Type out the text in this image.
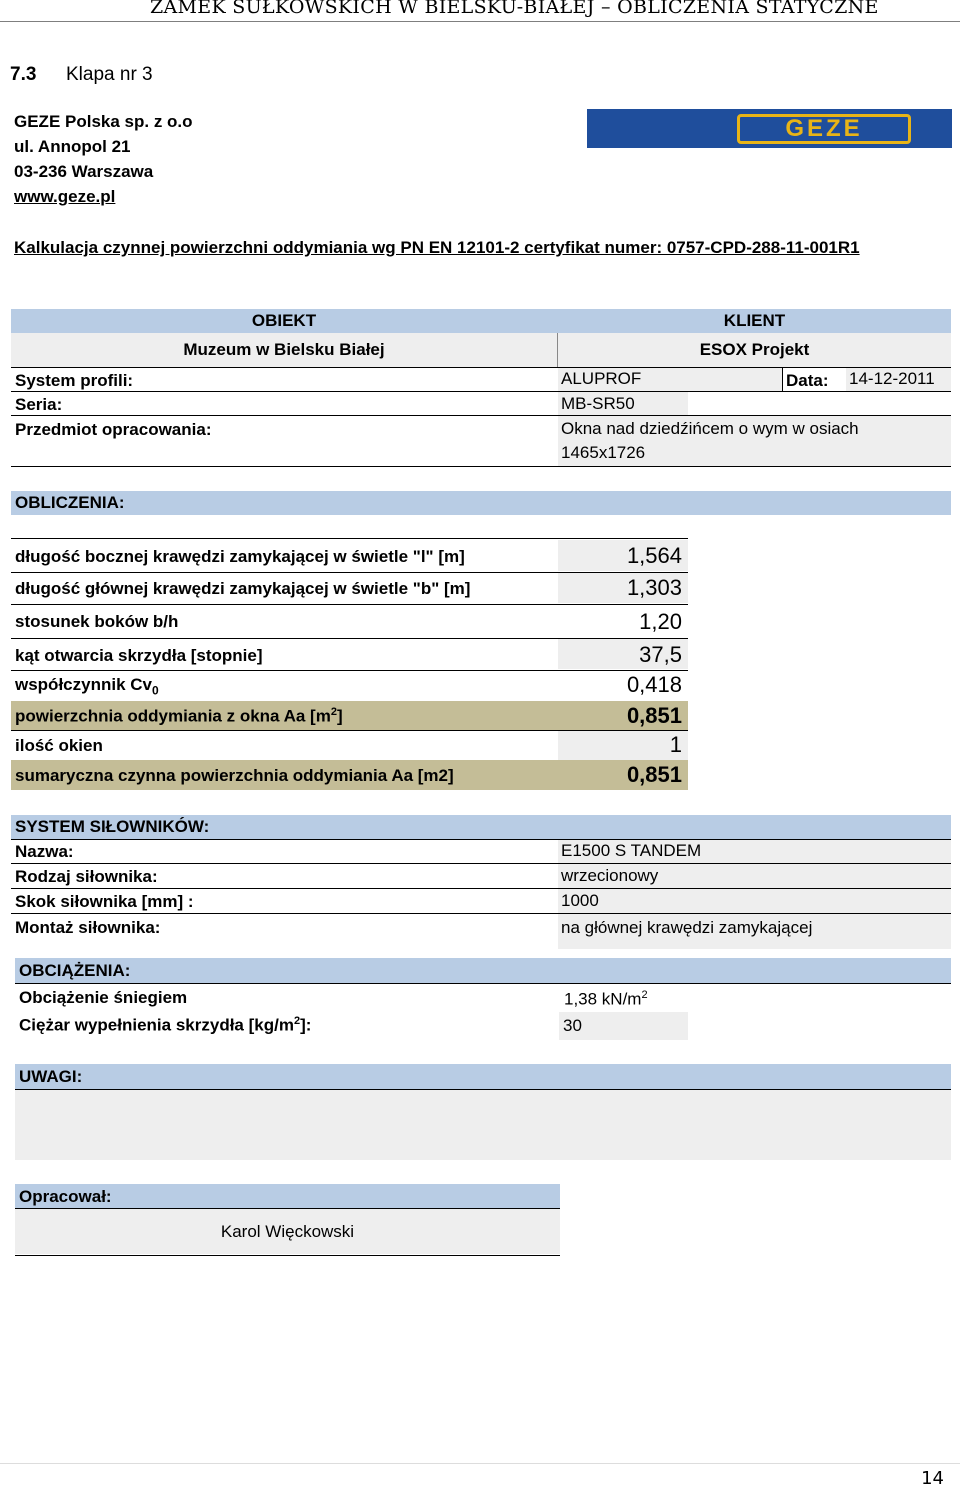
ZAMEK SUŁKOWSKICH W BIELSKU-BIAŁEJ – OBLICZENIA STATYCZNE
7.3 Klapa nr 3
GEZE Polska sp. z o.o
ul. Annopol 21
03-236 Warszawa
www.geze.pl
GEZE
Kalkulacja czynnej powierzchni oddymiania wg PN EN 12101-2 certyfikat numer: 0757-CPD-288-11-001R1
OBIEKT	KLIENT
Muzeum w Bielsku Białej	ESOX Projekt
System profili:	ALUPROF	Data: 14-12-2011
Seria:	MB-SR50
Przedmiot opracowania:	Okna nad dziedźińcem o wym w osiach
1465x1726
OBLICZENIA:
długość bocznej krawędzi zamykającej w świetle "l" [m]	1,564
długość głównej krawędzi zamykającej w świetle "b" [m]	1,303
stosunek boków b/h	1,20
kąt otwarcia skrzydła [stopnie]	37,5
współczynnik $Cv_0$	0,418
powierzchnia oddymiania z okna Aa $[m^2]$	0,851
ilość okien	1
sumaryczna czynna powierzchnia oddymiania Aa [m2]	0,851
SYSTEM SIŁOWNIKÓW:
Nazwa:	E1500 S TANDEM
Rodzaj siłownika:	wrzecionowy
Skok siłownika [mm] :	1000
Montaż siłownika:	na głównej krawędzi zamykającej
OBCIĄŻENIA:
Obciążenie śniegiem	1,38 $kN/m^2$
Ciężar wypełnienia skrzydła $[kg/m^2]$:	30
UWAGI:
Opracował:
Karol Więckowski
14
